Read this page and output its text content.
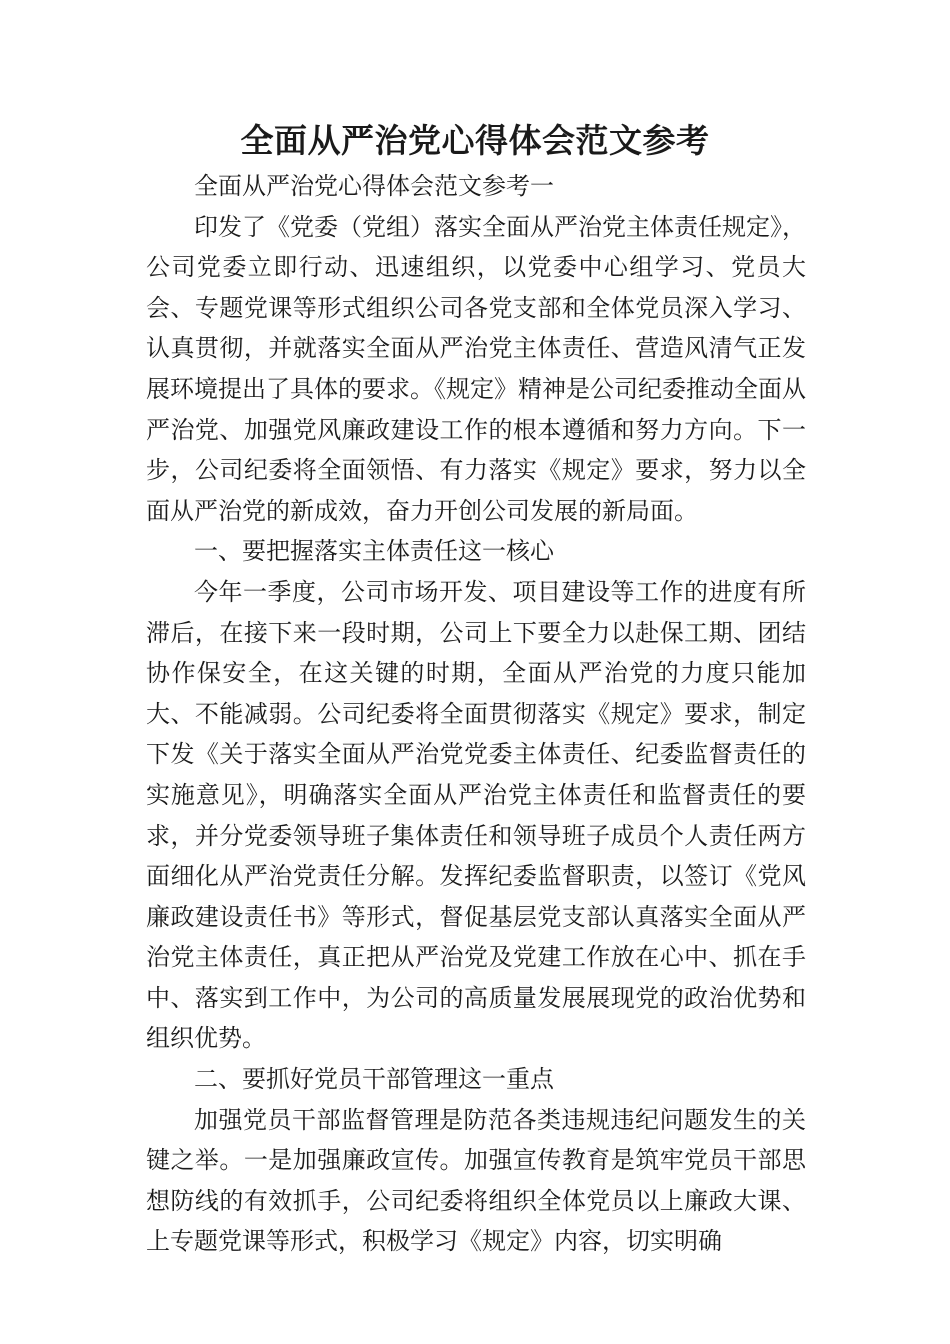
全面从严治党心得体会范文参考

全面从严治党心得体会范文参考一

印发了《党委（党组）落实全面从严治党主体责任规定》，公司党委立即行动、迅速组织，以党委中心组学习、党员大会、专题党课等形式组织公司各党支部和全体党员深入学习、认真贯彻，并就落实全面从严治党主体责任、营造风清气正发展环境提出了具体的要求。《规定》精神是公司纪委推动全面从严治党、加强党风廉政建设工作的根本遵循和努力方向。下一步，公司纪委将全面领悟、有力落实《规定》要求，努力以全面从严治党的新成效，奋力开创公司发展的新局面。

一、要把握落实主体责任这一核心

今年一季度，公司市场开发、项目建设等工作的进度有所滞后，在接下来一段时期，公司上下要全力以赴保工期、团结协作保安全，在这关键的时期，全面从严治党的力度只能加大、不能减弱。公司纪委将全面贯彻落实《规定》要求，制定下发《关于落实全面从严治党党委主体责任、纪委监督责任的实施意见》，明确落实全面从严治党主体责任和监督责任的要求，并分党委领导班子集体责任和领导班子成员个人责任两方面细化从严治党责任分解。发挥纪委监督职责，以签订《党风廉政建设责任书》等形式，督促基层党支部认真落实全面从严治党主体责任，真正把从严治党及党建工作放在心中、抓在手中、落实到工作中，为公司的高质量发展展现党的政治优势和组织优势。

二、要抓好党员干部管理这一重点

加强党员干部监督管理是防范各类违规违纪问题发生的关键之举。一是加强廉政宣传。加强宣传教育是筑牢党员干部思想防线的有效抓手，公司纪委将组织全体党员以上廉政大课、上专题党课等形式，积极学习《规定》内容，切实明确
